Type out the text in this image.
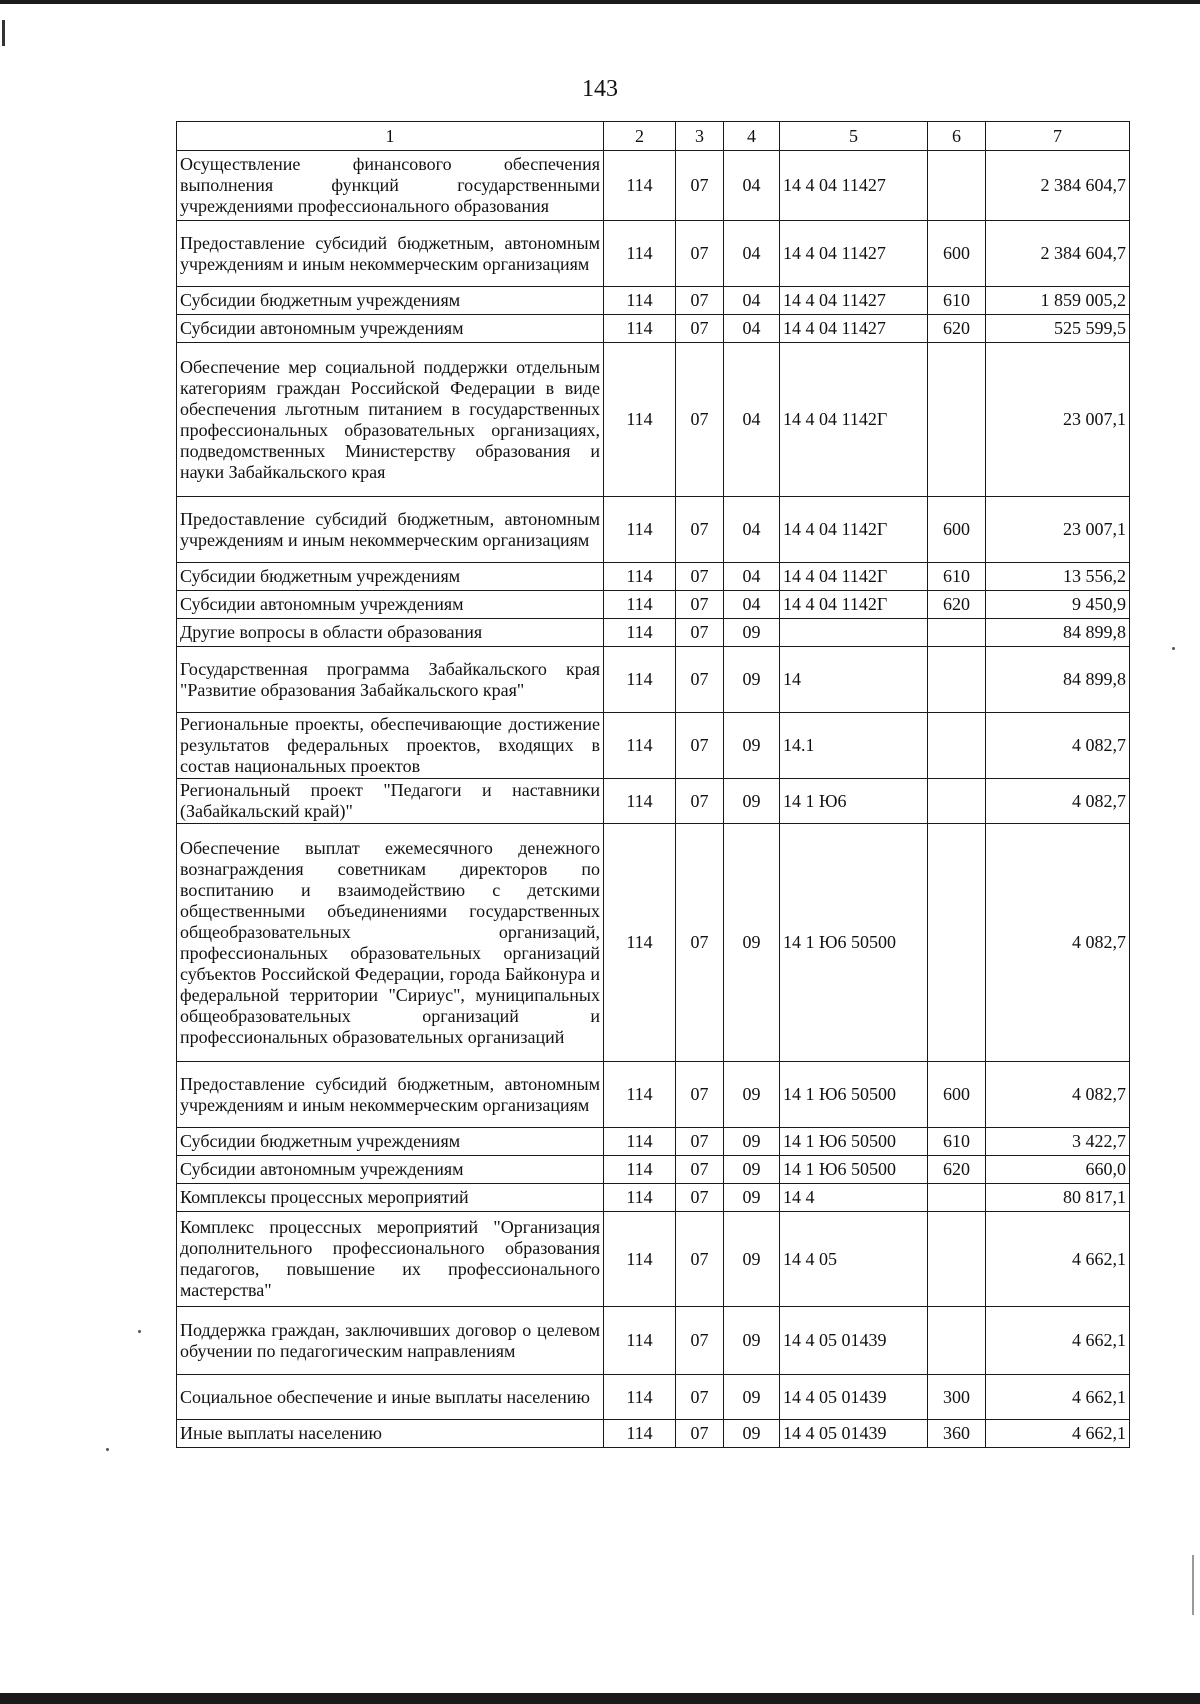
143
1	2	3	4	5	6	7
Осуществление финансового обеспечения выполнения функций государственными учреждениями профессионального образования	114	07	04	14 4 04 11427		2 384 604,7
Предоставление субсидий бюджетным, автономным учреждениям и иным некоммерческим организациям	114	07	04	14 4 04 11427	600	2 384 604,7
Субсидии бюджетным учреждениям	114	07	04	14 4 04 11427	610	1 859 005,2
Субсидии автономным учреждениям	114	07	04	14 4 04 11427	620	525 599,5
Обеспечение мер социальной поддержки отдельным категориям граждан Российской Федерации в виде обеспечения льготным питанием в государственных профессиональных образовательных организациях, подведомственных Министерству образования и науки Забайкальского края	114	07	04	14 4 04 1142Г		23 007,1
Предоставление субсидий бюджетным, автономным учреждениям и иным некоммерческим организациям	114	07	04	14 4 04 1142Г	600	23 007,1
Субсидии бюджетным учреждениям	114	07	04	14 4 04 1142Г	610	13 556,2
Субсидии автономным учреждениям	114	07	04	14 4 04 1142Г	620	9 450,9
Другие вопросы в области образования	114	07	09			84 899,8
Государственная программа Забайкальского края "Развитие образования Забайкальского края"	114	07	09	14		84 899,8
Региональные проекты, обеспечивающие достижение результатов федеральных проектов, входящих в состав национальных проектов	114	07	09	14.1		4 082,7
Региональный проект "Педагоги и наставники (Забайкальский край)"	114	07	09	14 1 Ю6		4 082,7
Обеспечение выплат ежемесячного денежного вознаграждения советникам директоров по воспитанию и взаимодействию с детскими общественными объединениями государственных общеобразовательных организаций, профессиональных образовательных организаций субъектов Российской Федерации, города Байконура и федеральной территории "Сириус", муниципальных общеобразовательных организаций и профессиональных образовательных организаций	114	07	09	14 1 Ю6 50500		4 082,7
Предоставление субсидий бюджетным, автономным учреждениям и иным некоммерческим организациям	114	07	09	14 1 Ю6 50500	600	4 082,7
Субсидии бюджетным учреждениям	114	07	09	14 1 Ю6 50500	610	3 422,7
Субсидии автономным учреждениям	114	07	09	14 1 Ю6 50500	620	660,0
Комплексы процессных мероприятий	114	07	09	14 4		80 817,1
Комплекс процессных мероприятий "Организация дополнительного профессионального образования педагогов, повышение их профессионального мастерства"	114	07	09	14 4 05		4 662,1
Поддержка граждан, заключивших договор о целевом обучении по педагогическим направлениям	114	07	09	14 4 05 01439		4 662,1
Социальное обеспечение и иные выплаты населению	114	07	09	14 4 05 01439	300	4 662,1
Иные выплаты населению	114	07	09	14 4 05 01439	360	4 662,1
